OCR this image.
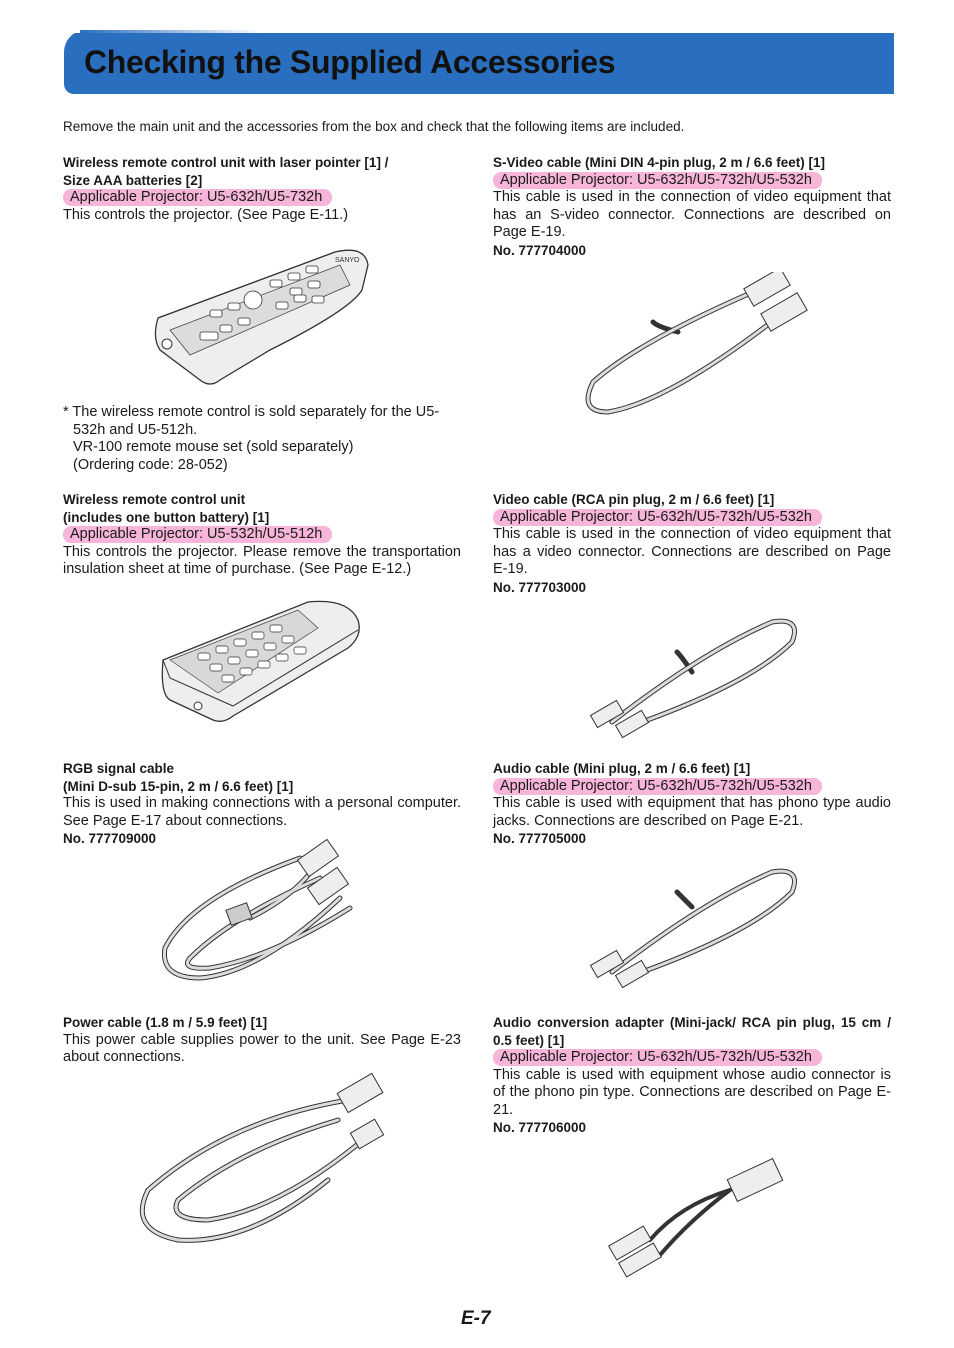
Checking the Supplied Accessories

Remove the main unit and the accessories from the box and check that the following items are included.

Wireless remote control unit with laser pointer [1] /

Size AAA batteries [2]

Applicable Projector: U5-632h/U5-732h

This controls the projector. (See Page E-11.)

SANYO
* The wireless remote control is sold separately for the U5-
532h and U5-512h.
VR-100 remote mouse set (sold separately)
(Ordering code: 28-052)

Wireless remote control unit

(includes one button battery) [1]

Applicable Projector: U5-532h/U5-512h

This controls the projector. Please remove the transportation insulation sheet at time of purchase. (See Page E-12.)

RGB signal cable

(Mini D-sub 15-pin, 2 m / 6.6 feet) [1]

This is used in making connections with a personal computer. See Page E-17 about connections.

No. 777709000

Power cable (1.8 m / 5.9 feet) [1]

This power cable supplies power to the unit. See Page E-23 about connections.

S-Video cable (Mini DIN 4-pin plug, 2 m / 6.6 feet) [1]

Applicable Projector: U5-632h/U5-732h/U5-532h

This cable is used in the connection of video equipment that has an S-video connector. Connections are described on Page E-19.

No. 777704000

Video cable (RCA pin plug, 2 m / 6.6 feet) [1]

Applicable Projector: U5-632h/U5-732h/U5-532h

This cable is used in the connection of video equipment that has a video connector. Connections are described on Page E-19.

No. 777703000

Audio cable (Mini plug, 2 m / 6.6 feet) [1]

Applicable Projector: U5-632h/U5-732h/U5-532h

This cable is used with equipment that has phono type audio jacks. Connections are described on Page E-21.

No. 777705000

Audio conversion adapter (Mini-jack/ RCA pin plug, 15 cm / 0.5 feet) [1]

Applicable Projector: U5-632h/U5-732h/U5-532h

This cable is used with equipment whose audio connector is of the phono pin type. Connections are described on Page E-21.

No. 777706000

E-7
